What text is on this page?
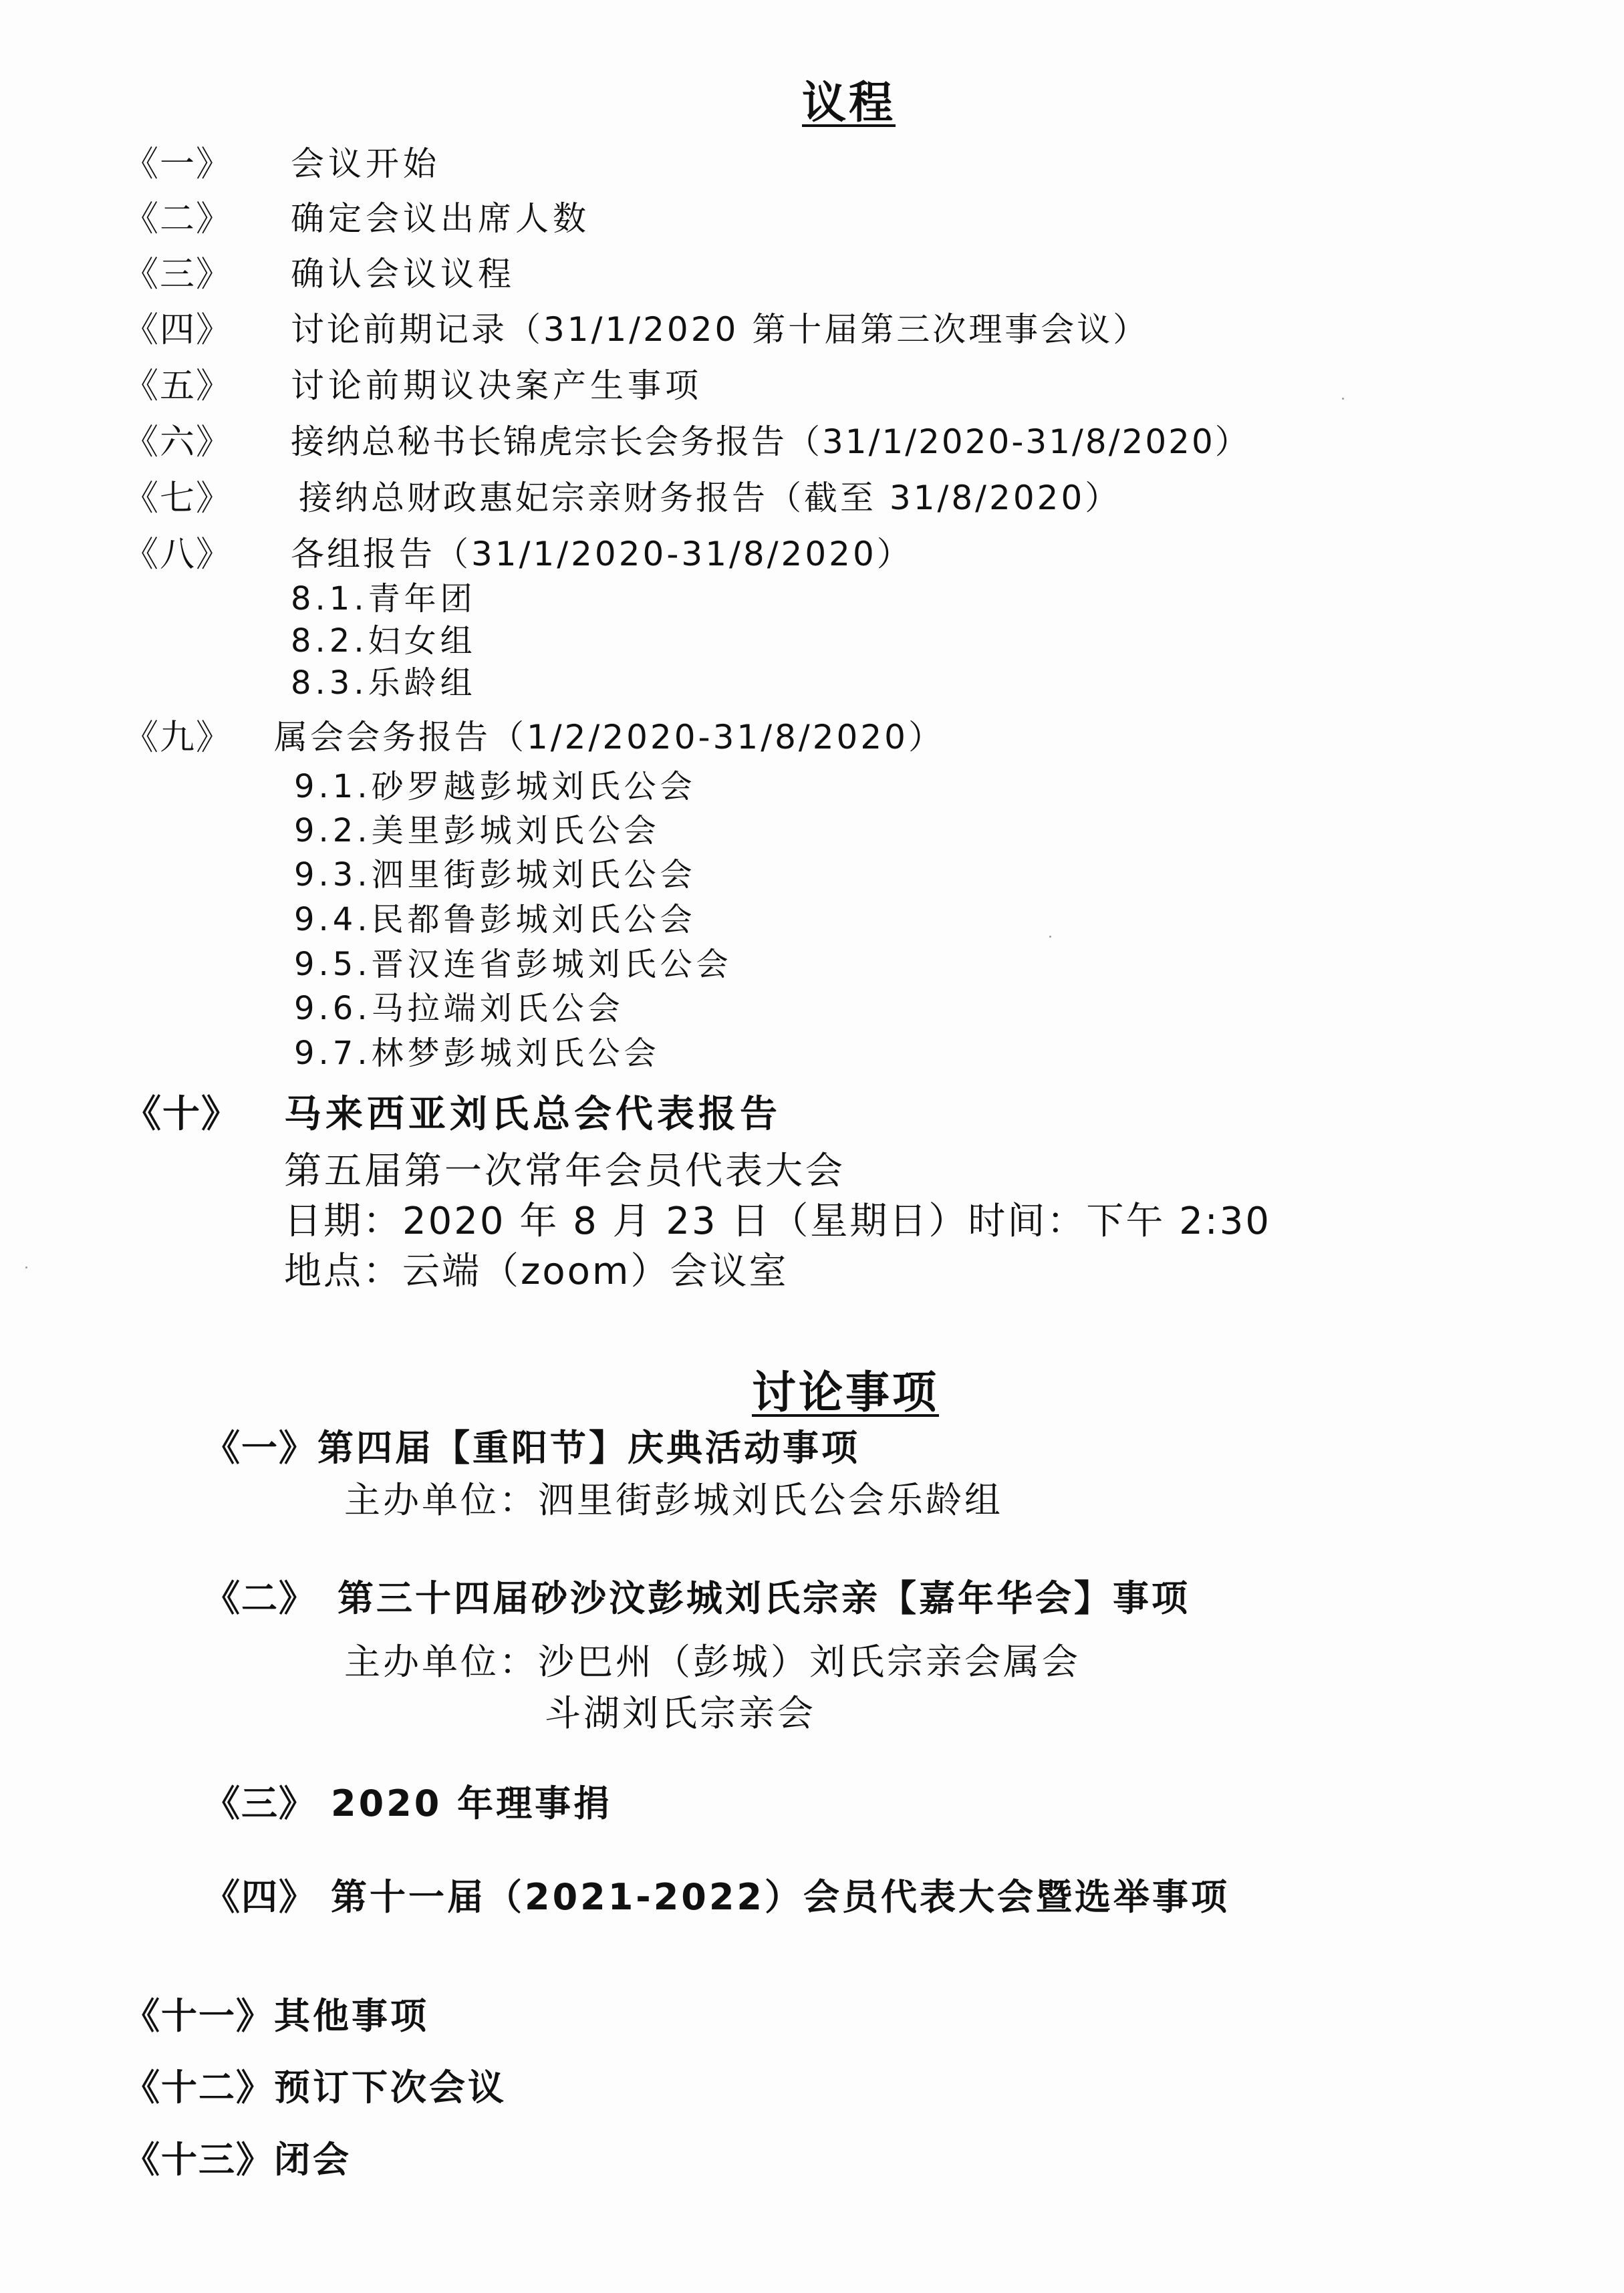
议程
《一》 会议开始
《二》 确定会议出席人数
《三》 确认会议议程
《四》 讨论前期记录（31/1/2020 第十届第三次理事会议）
《五》 讨论前期议决案产生事项
《六》 接纳总秘书长锦虎宗长会务报告（31/1/2020-31/8/2020）
《七》 接纳总财政惠妃宗亲财务报告（截至 31/8/2020）
《八》 各组报告（31/1/2020-31/8/2020）
8.1.青年团
8.2.妇女组
8.3.乐龄组
《九》 属会会务报告（1/2/2020-31/8/2020）
9.1.砂罗越彭城刘氏公会
9.2.美里彭城刘氏公会
9.3.泗里街彭城刘氏公会
9.4.民都鲁彭城刘氏公会
9.5.晋汉连省彭城刘氏公会
9.6.马拉端刘氏公会
9.7.林梦彭城刘氏公会
《十》 马来西亚刘氏总会代表报告
第五届第一次常年会员代表大会
日期：2020 年 8 月 23 日（星期日）时间：下午 2:30
地点：云端（zoom）会议室
讨论事项
《一》 第四届【重阳节】庆典活动事项
主办单位：泗里街彭城刘氏公会乐龄组
《二》 第三十四届砂沙汶彭城刘氏宗亲【嘉年华会】事项
主办单位：沙巴州（彭城）刘氏宗亲会属会
斗湖刘氏宗亲会
《三》 2020 年理事捐
《四》 第十一届（2021-2022）会员代表大会暨选举事项
《十一》 其他事项
《十二》 预订下次会议
《十三》 闭会
